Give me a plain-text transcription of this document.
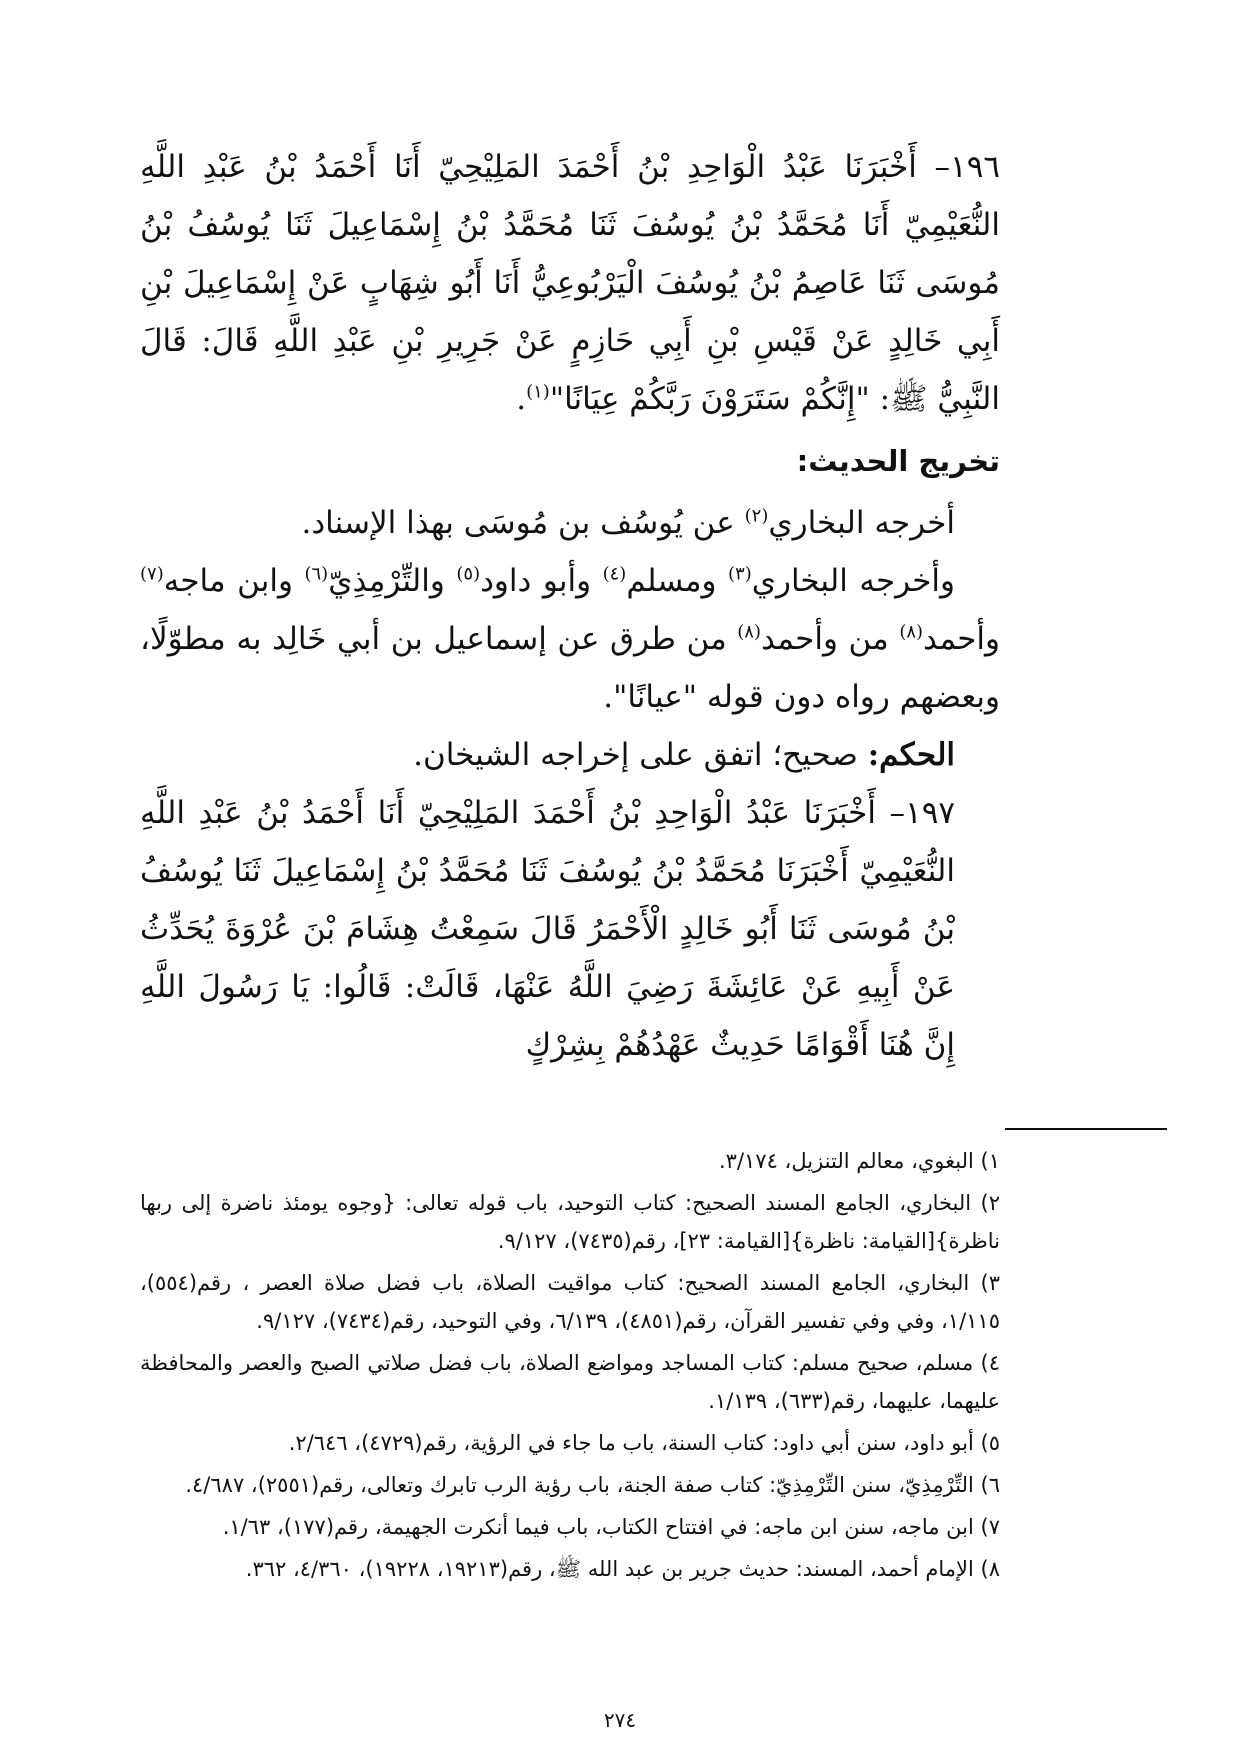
١٩٦– أَخْبَرَنَا عَبْدُ الْوَاحِدِ بْنُ أَحْمَدَ المَلِيْحِيّ أَنَا أَحْمَدُ بْنُ عَبْدِ اللَّهِ النُّعَيْمِيّ أَنَا مُحَمَّدُ بْنُ يُوسُفَ ثَنَا مُحَمَّدُ بْنُ إِسْمَاعِيلَ ثَنَا يُوسُفُ بْنُ مُوسَى ثَنَا عَاصِمُ بْنُ يُوسُفَ الْيَرْبُوعِيُّ أَنَا أَبُو شِهَابٍ عَنْ إِسْمَاعِيلَ بْنِ أَبِي خَالِدٍ عَنْ قَيْسِ بْنِ أَبِي حَازِمٍ عَنْ جَرِيرِ بْنِ عَبْدِ اللَّهِ قَالَ: قَالَ النَّبِيُّ ﷺ: "إِنَّكُمْ سَتَرَوْنَ رَبَّكُمْ عِيَانًا"$^{(١)}$.

تخريج الحديث:

أخرجه البخاري$^{(٢)}$ عن يُوسُف بن مُوسَى بهذا الإسناد.

وأخرجه البخاري$^{(٣)}$ ومسلم$^{(٤)}$ وأبو داود$^{(٥)}$ والتِّرْمِذِيّ$^{(٦)}$ وابن ماجه$^{(٧)}$ وأحمد$^{(٨)}$ من وأحمد$^{(٨)}$ من طرق عن إسماعيل بن أبي خَالِد به مطوّلًا، وبعضهم رواه دون قوله "عيانًا".

الحكم: صحيح؛ اتفق على إخراجه الشيخان.

١٩٧– أَخْبَرَنَا عَبْدُ الْوَاحِدِ بْنُ أَحْمَدَ المَلِيْحِيّ أَنَا أَحْمَدُ بْنُ عَبْدِ اللَّهِ النُّعَيْمِيّ أَخْبَرَنَا مُحَمَّدُ بْنُ يُوسُفَ ثَنَا مُحَمَّدُ بْنُ إِسْمَاعِيلَ ثَنَا يُوسُفُ بْنُ مُوسَى ثَنَا أَبُو خَالِدٍ الْأَحْمَرُ قَالَ سَمِعْتُ هِشَامَ بْنَ عُرْوَةَ يُحَدِّثُ عَنْ أَبِيهِ عَنْ عَائِشَةَ رَضِيَ اللَّهُ عَنْهَا، قَالَتْ: قَالُوا: يَا رَسُولَ اللَّهِ إِنَّ هُنَا أَقْوَامًا حَدِيثٌ عَهْدُهُمْ بِشِرْكٍ

١) البغوي، معالم التنزيل، ٣/١٧٤.

٢) البخاري، الجامع المسند الصحيح: كتاب التوحيد، باب قوله تعالى: {وجوه يومئذ ناضرة إلى ربها ناظرة}[القيامة: ناظرة}[القيامة: ٢٣]، رقم(٧٤٣٥)، ٩/١٢٧.

٣) البخاري، الجامع المسند الصحيح: كتاب مواقيت الصلاة، باب فضل صلاة العصر ، رقم(٥٥٤)، ١/١١٥، وفي وفي تفسير القرآن، رقم(٤٨٥١)، ٦/١٣٩، وفي التوحيد، رقم(٧٤٣٤)، ٩/١٢٧.

٤) مسلم، صحيح مسلم: كتاب المساجد ومواضع الصلاة، باب فضل صلاتي الصبح والعصر والمحافظة عليهما، عليهما، رقم(٦٣٣)، ١/١٣٩.

٥) أبو داود، سنن أبي داود: كتاب السنة، باب ما جاء في الرؤية، رقم(٤٧٢٩)، ٢/٦٤٦.

٦) التِّرْمِذِيّ، سنن التِّرْمِذِيّ: كتاب صفة الجنة، باب رؤية الرب تابرك وتعالى، رقم(٢٥٥١)، ٤/٦٨٧.

٧) ابن ماجه، سنن ابن ماجه: في افتتاح الكتاب، باب فيما أنكرت الجهيمة، رقم(١٧٧)، ١/٦٣.

٨) الإمام أحمد، المسند: حديث جرير بن عبد الله ﷺ، رقم(١٩٢١٣، ١٩٢٢٨)، ٤/٣٦٠، ٣٦٢.

٢٧٤
